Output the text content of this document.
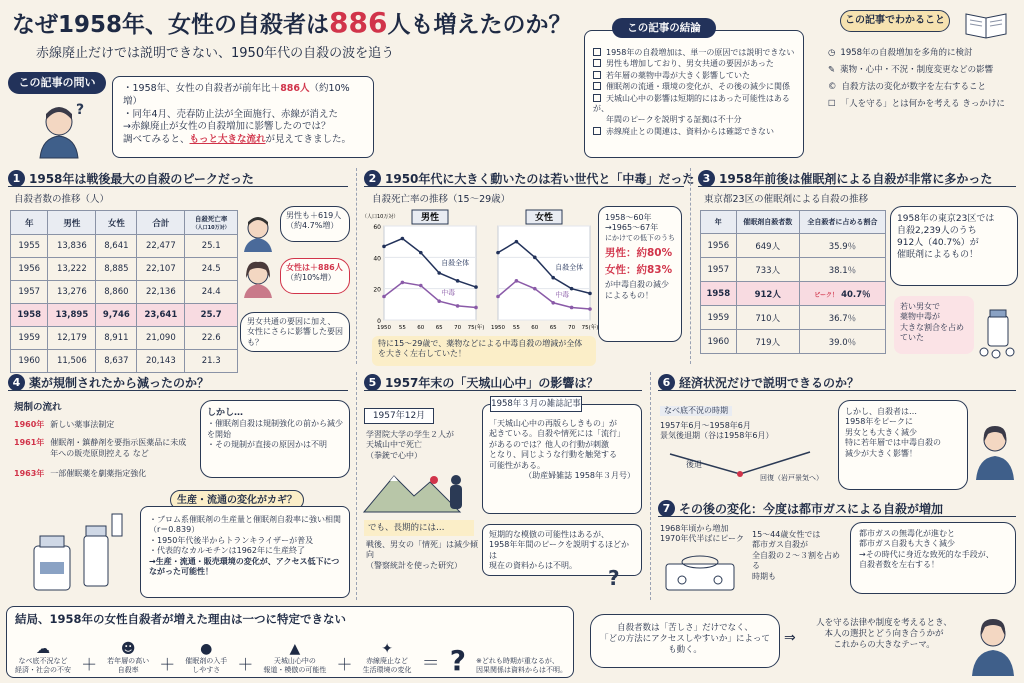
なぜ1958年、女性の自殺者は886人も増えたのか？
赤線廃止だけでは説明できない、1950年代の自殺の波を追う
この記事の問い
?
・1958年、女性の自殺者が前年比＋886人（約10%増）
・同年4月、売春防止法が全面施行、赤線が消えた
→赤線廃止が女性の自殺増加に影響したのでは？
調べてみると、もっと大きな流れが見えてきました。
1958年の自殺増加は、単一の原因では説明できない
男性も増加しており、男女共通の要因があった
若年層の薬物中毒が大きく影響していた
催眠剤の流通・環境の変化が、その後の減少に関係
天城山心中の影響は短期的にはあった可能性はあるが、
年間のピークを説明する証拠は不十分
赤線廃止との関連は、資料からは確認できない
この記事の結論
この記事でわかること
◷ 1958年の自殺増加を多角的に検討
✎ 薬物・心中・不況・制度変更などの影響
© 自殺方法の変化が数字を左右すること
☐ 「人を守る」とは何かを考える きっかけに
1 1958年は戦後最大の自殺のピークだった
自殺者数の推移（人）
年	男性	女性	合計	自殺死亡率
（人口10万対）
1955	13,836	8,641	22,477	25.1
1956	13,222	8,885	22,107	24.5
1957	13,276	8,860	22,136	24.4
1958	13,895	9,746	23,641	25.7
1959	12,179	8,911	21,090	22.6
1960	11,506	8,637	20,143	21.3
男性も＋619人
（約4.7%増）
女性は＋886人
（約10%増）
男女共通の要因に加え、女性にさらに影響した要因も？
2 1950年代に大きく動いたのは若い世代と「中毒」だった
自殺死亡率の推移（15～29歳）
男性
自殺全体
中毒
60
40
20
0
（人口10万対）
1950 55 60 65 70 75(年)
女性
自殺全体
中毒
1950 55 60 65 70 75(年)
1958～60年
→1965～67年
にかけての低下のうち
男性：約80%
女性：約83%
が中毒自殺の減少
によるもの！
特に15～29歳で、薬物などによる中毒自殺の増減が全体を大きく左右していた！
3 1958年前後は催眠剤による自殺が非常に多かった
東京都23区の催眠剤による自殺の推移
年	催眠剤自殺者数	全自殺者に占める割合
1956	649人	35.9％
1957	733人	38.1％
1958	912人	ピーク！ 40.7％
1959	710人	36.7％
1960	719人	39.0％
1958年の東京23区では
自殺2,239人のうち
912人（40.7%）が
催眠剤によるもの！
若い男女で
薬物中毒が
大きな割合を占めていた
4 薬が規制されたから減ったのか？
規制の流れ
1960年 新しい薬事法制定
1961年 催眠剤・鎮静剤を要指示医薬品に未成年への販売原則控える など
1963年 一部催眠薬を劇薬指定強化
しかし…
・催眠剤自殺は規制強化の前から減少を開始
・その規制が直接の原因かは不明
生産・流通の変化がカギ？
・ブロム系催眠剤の生産量と催眠剤自殺率に強い相関（r＝0.839）
・1950年代後半からトランキライザーが普及
・代表的なカルモチンは1962年に生産終了
→生産・流通・販売環境の変化が、アクセス低下につながった可能性！
5 1957年末の「天城山心中」の影響は？
1957年12月
学習院大学の学生２人が
天城山中で死亡
（拳銃で心中）
「天城山心中の再版らしきもの」が
起きている。自殺や情死には「流行」
があるのでは？他人の行動が刺激
となり、同じような行動を触発する
可能性がある。
（助産婦雑誌 1958年３月号）
1958年３月の雑誌記事
でも、長期的には…
戦後、男女の「情死」は減少傾向
（警察統計を使った研究）
短期的な模倣の可能性はあるが、
1958年年間のピークを説明するほどかは
現在の資料からは不明。
?
6 経済状況だけで説明できるのか？
なべ底不況の時期
1957年6月～1958年6月
景気後退期（谷は1958年6月）
後退
回復（岩戸景気へ）
しかし、自殺者は…
1958年をピークに
男女とも大きく減少
特に若年層では中毒自殺の
減少が大きく影響！
7 その後の変化：今度は都市ガスによる自殺が増加
1968年頃から増加
1970年代半ばにピーク 15～44歳女性では
都市ガス自殺が
全自殺の２～３割を占める
時期も
都市ガスの無毒化が進むと
都市ガス自殺も大きく減少
→その時代に身近な致死的な手段が、
自殺者数を左右する！
結局、1958年の女性自殺者が増えた理由は一つに特定できない
☁
なべ底不況など
経済・社会の不安 ＋
☻
若年層の高い
自殺率	＋
●
催眠剤の入手
しやすさ	＋
▲
天城山心中の
報道・模倣の可能性 ＋
✦
赤線廃止など
生活環境の変化 ＝ ? ※どれも時期が重なるが、
因果関係は資料からは不明。
自殺者数は「苦しさ」だけでなく、
「どの方法にアクセスしやすいか」によっても動く。
⇒
人を守る法律や制度を考えるとき、
本人の選択とどう向き合うかが
これからの大きなテーマ。
